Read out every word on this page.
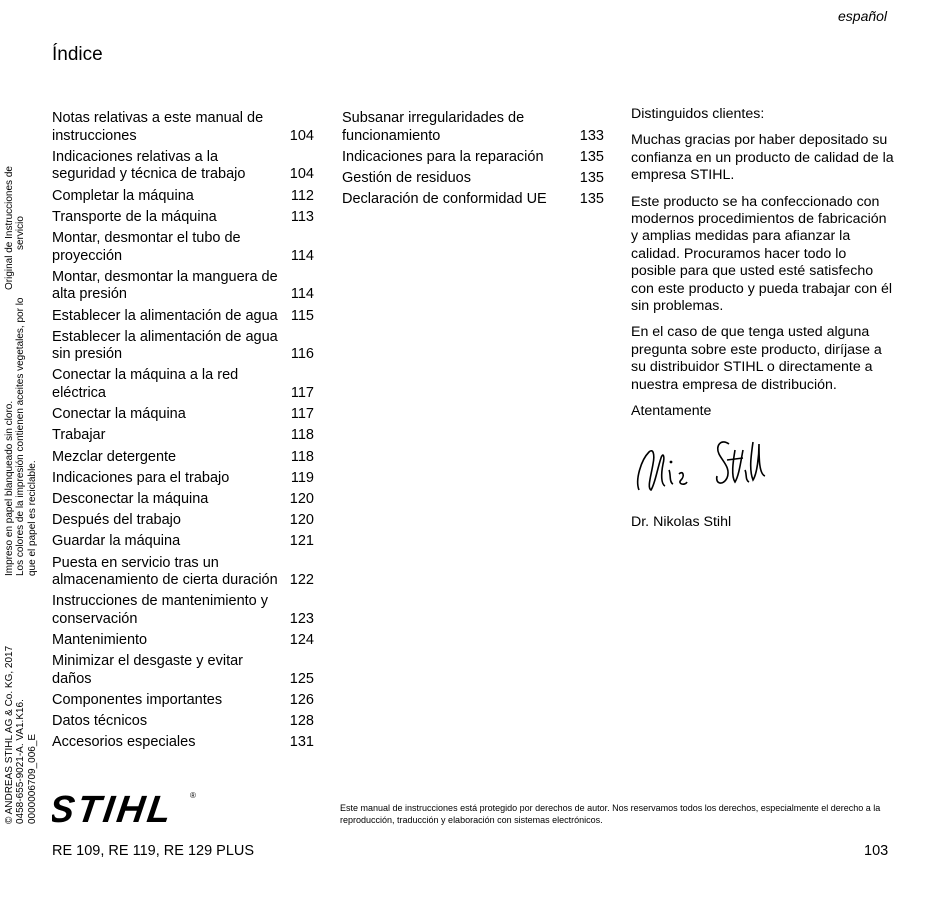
español
Índice
Notas relativas a este manual de instrucciones	104
Indicaciones relativas a la seguridad y técnica de trabajo	104
Completar la máquina	112
Transporte de la máquina	113
Montar, desmontar el tubo de proyección	114
Montar, desmontar la manguera de alta presión	114
Establecer la alimentación de agua 115
Establecer la alimentación de agua sin presión	116
Conectar la máquina a la red eléctrica	117
Conectar la máquina	117
Trabajar	118
Mezclar detergente	118
Indicaciones para el trabajo	119
Desconectar la máquina	120
Después del trabajo	120
Guardar la máquina	121
Puesta en servicio tras un almacenamiento de cierta duración 122
Instrucciones de mantenimiento y conservación	123
Mantenimiento	124
Minimizar el desgaste y evitar daños	125
Componentes importantes	126
Datos técnicos	128
Accesorios especiales	131
Subsanar irregularidades de funcionamiento	133
Indicaciones para la reparación	135
Gestión de residuos	135
Declaración de conformidad UE	135

Distinguidos clientes:

Muchas gracias por haber depositado su confianza en un producto de calidad de la empresa STIHL.

Este producto se ha confeccionado con modernos procedimientos de fabricación y amplias medidas para afianzar la calidad. Procuramos hacer todo lo posible para que usted esté satisfecho con este producto y pueda trabajar con él sin problemas.

En el caso de que tenga usted alguna pregunta sobre este producto, diríjase a su distribuidor STIHL o directamente a nuestra empresa de distribución.

Atentamente

Dr. Nikolas Stihl

Original de Instrucciones de servicio
Impreso en papel blanqueado sin cloro. Los colores de la impresión contienen aceites vegetales, por lo que el papel es reciclable.
© ANDREAS STIHL AG & Co. KG, 2017 0458-655-9021-A. VA1.K16. 0000006709_006_E STIHL ®
Este manual de instrucciones está protegido por derechos de autor. Nos reservamos todos los derechos, especialmente el derecho a la reproducción, traducción y elaboración con sistemas electrónicos.
RE 109, RE 119, RE 129 PLUS	103
